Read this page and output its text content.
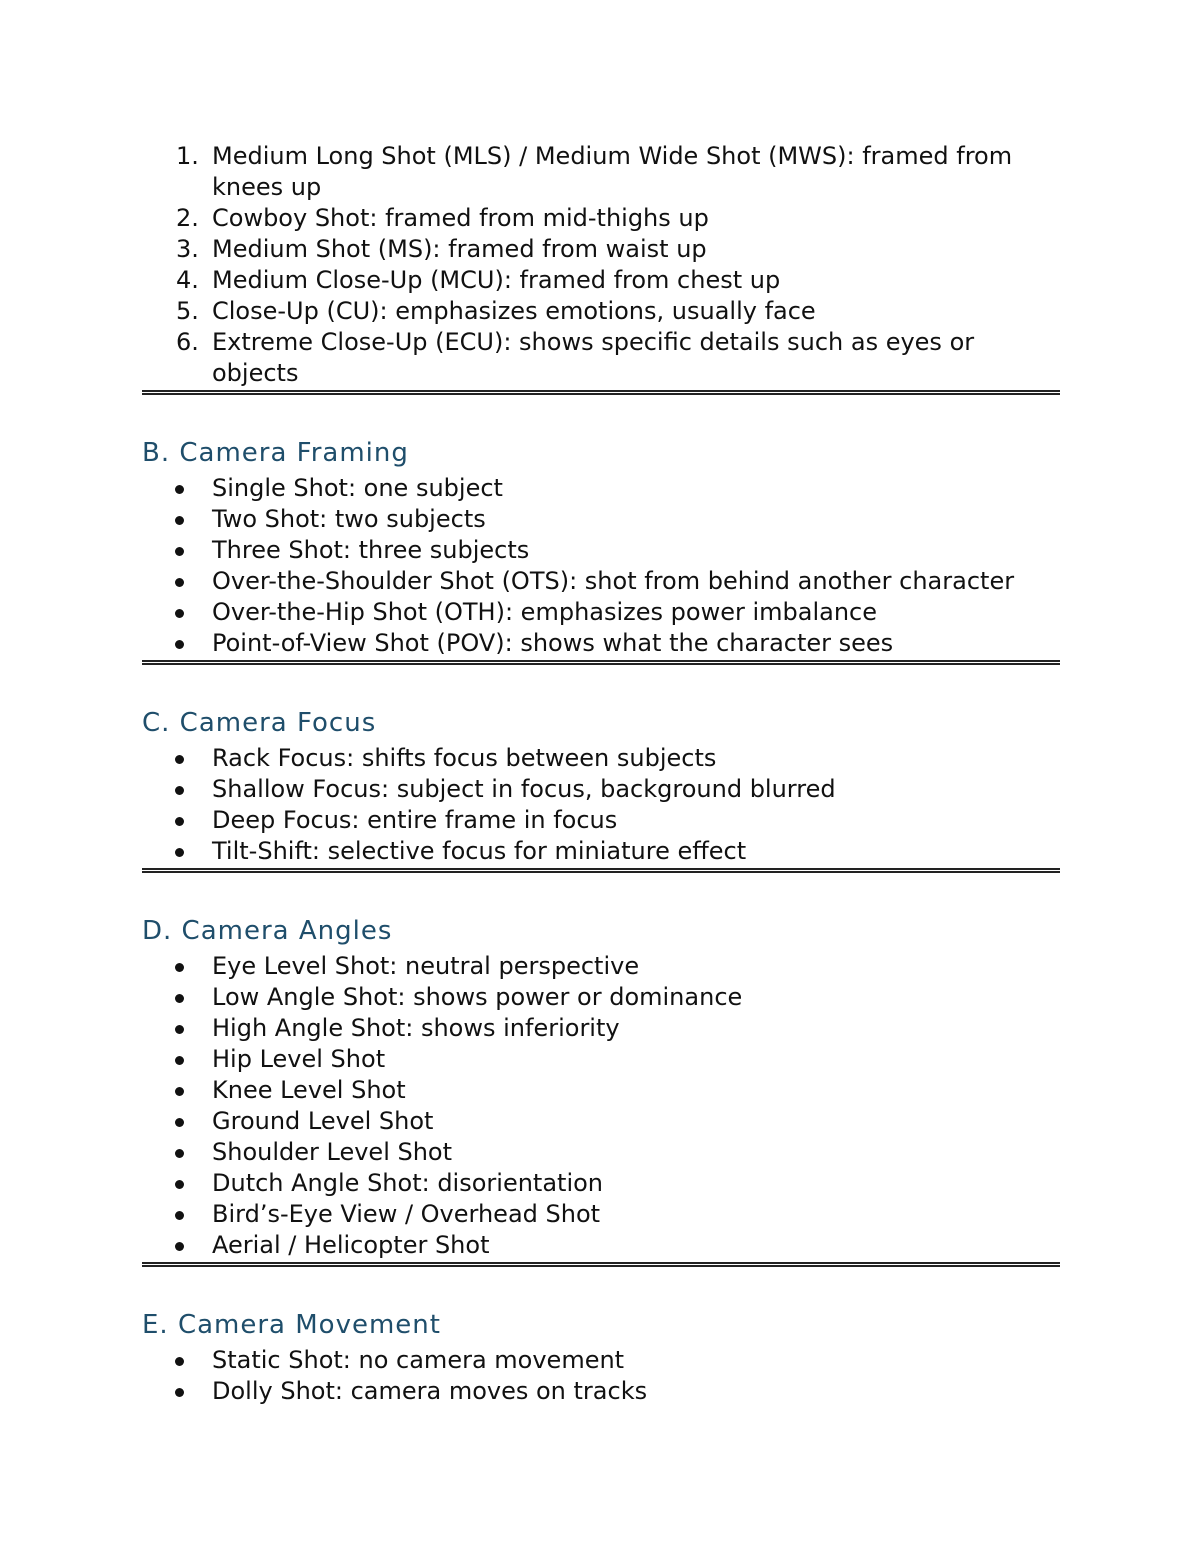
1. Medium Long Shot (MLS) / Medium Wide Shot (MWS): framed from knees up
2. Cowboy Shot: framed from mid-thighs up
3. Medium Shot (MS): framed from waist up
4. Medium Close-Up (MCU): framed from chest up
5. Close-Up (CU): emphasizes emotions, usually face
6. Extreme Close-Up (ECU): shows specific details such as eyes or objects
B. Camera Framing
Single Shot: one subject
Two Shot: two subjects
Three Shot: three subjects
Over-the-Shoulder Shot (OTS): shot from behind another character
Over-the-Hip Shot (OTH): emphasizes power imbalance
Point-of-View Shot (POV): shows what the character sees
C. Camera Focus
Rack Focus: shifts focus between subjects
Shallow Focus: subject in focus, background blurred
Deep Focus: entire frame in focus
Tilt-Shift: selective focus for miniature effect
D. Camera Angles
Eye Level Shot: neutral perspective
Low Angle Shot: shows power or dominance
High Angle Shot: shows inferiority
Hip Level Shot
Knee Level Shot
Ground Level Shot
Shoulder Level Shot
Dutch Angle Shot: disorientation
Bird’s-Eye View / Overhead Shot
Aerial / Helicopter Shot
E. Camera Movement
Static Shot: no camera movement
Dolly Shot: camera moves on tracks
